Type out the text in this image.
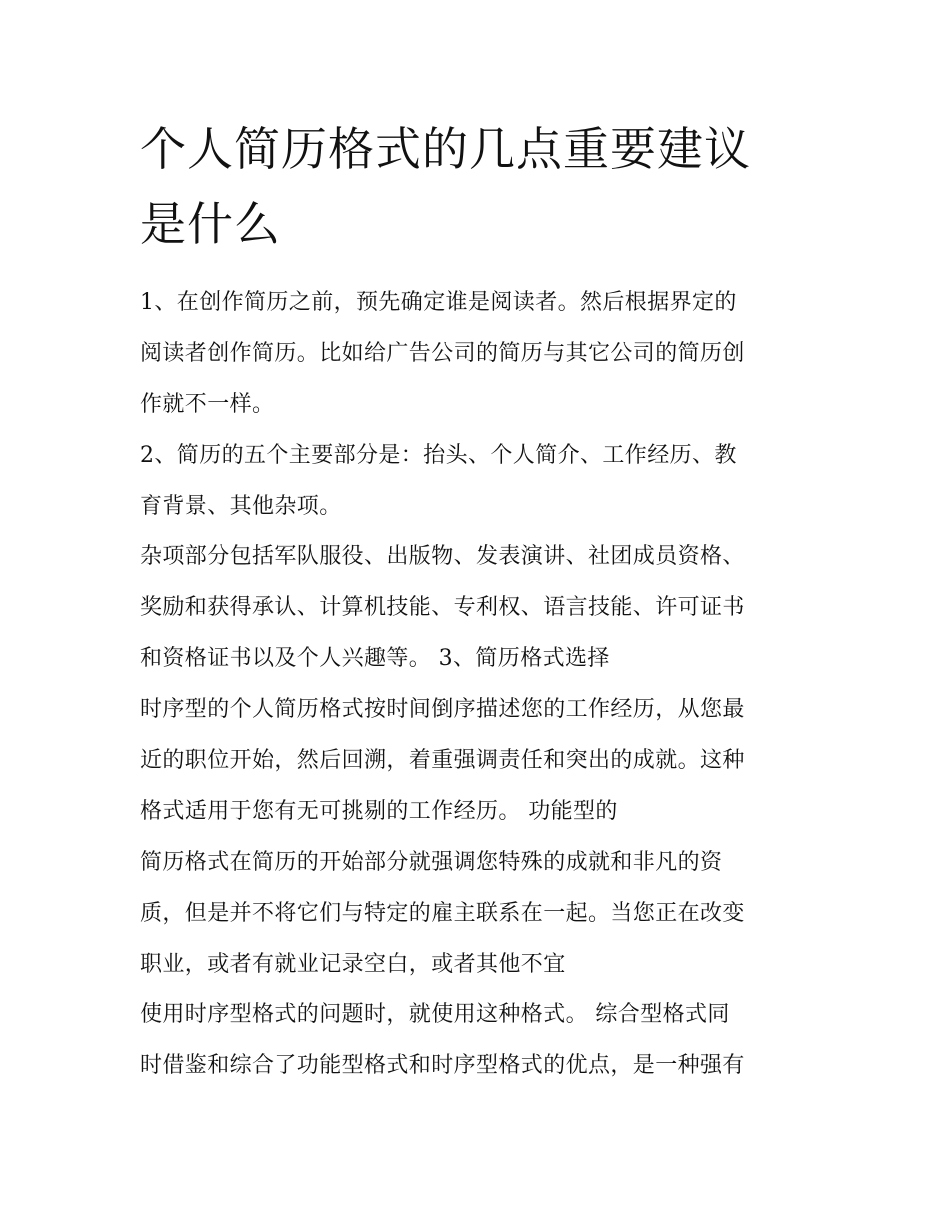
个人简历格式的几点重要建议
是什么
1、在创作简历之前，预先确定谁是阅读者。然后根据界定的
阅读者创作简历。比如给广告公司的简历与其它公司的简历创
作就不一样。
2、简历的五个主要部分是：抬头、个人简介、工作经历、教
育背景、其他杂项。
杂项部分包括军队服役、出版物、发表演讲、社团成员资格、
奖励和获得承认、计算机技能、专利权、语言技能、许可证书
和资格证书以及个人兴趣等。 3、简历格式选择
时序型的个人简历格式按时间倒序描述您的工作经历，从您最
近的职位开始，然后回溯，着重强调责任和突出的成就。这种
格式适用于您有无可挑剔的工作经历。 功能型的
简历格式在简历的开始部分就强调您特殊的成就和非凡的资
质，但是并不将它们与特定的雇主联系在一起。当您正在改变
职业，或者有就业记录空白，或者其他不宜
使用时序型格式的问题时，就使用这种格式。 综合型格式同
时借鉴和综合了功能型格式和时序型格式的优点，是一种强有
